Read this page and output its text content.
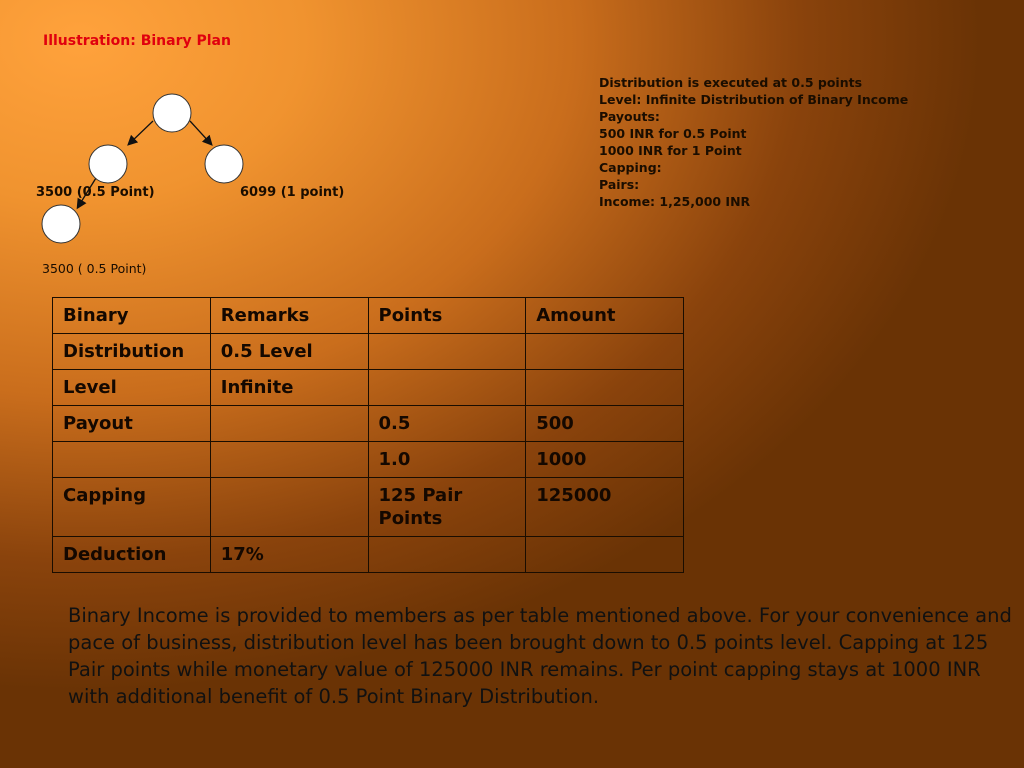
Illustration: Binary Plan
3500 (0.5 Point)	6099 (1 point)
3500 ( 0.5 Point)
Distribution is executed at 0.5 points
Level: Infinite Distribution of Binary Income
Payouts:
500 INR for 0.5 Point
1000 INR for 1 Point
Capping:
Pairs:
Income: 1,25,000 INR
Binary	Remarks	Points	Amount
Distribution	0.5 Level		
Level	Infinite		
Payout		0.5	500
		1.0	1000
Capping		125 Pair Points	125000
Deduction	17%		
Binary Income is provided to members as per table mentioned above. For your convenience and pace of business, distribution level has been brought down to 0.5 points level. Capping at 125 Pair points while monetary value of 125000 INR remains. Per point capping stays at 1000 INR with additional benefit of 0.5 Point Binary Distribution.
